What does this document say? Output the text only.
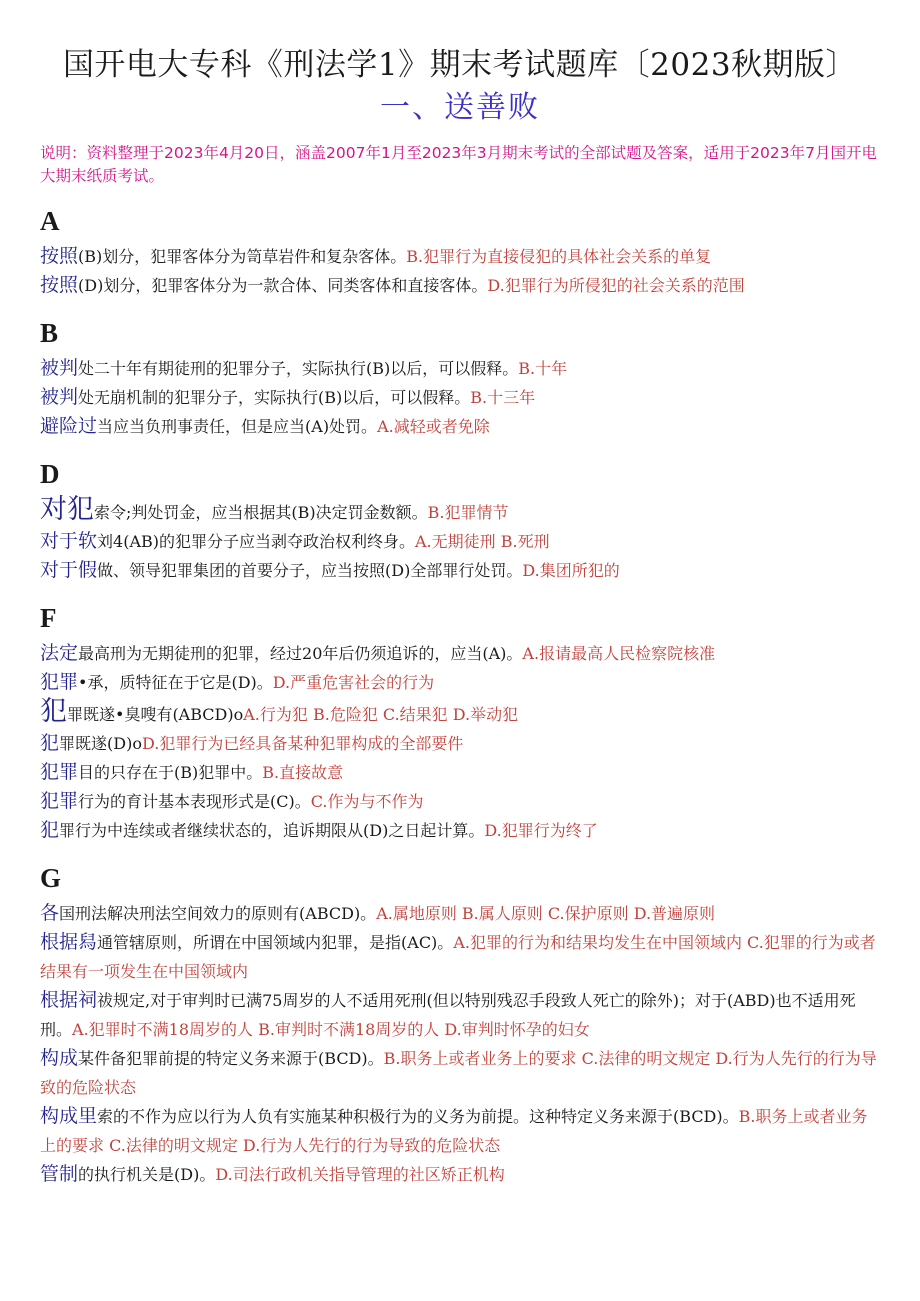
国开电大专科《刑法学1》期末考试题库〔2023秋期版〕
一、送善败
说明：资料整理于2023年4月20日，涵盖2007年1月至2023年3月期末考试的全部试题及答案，适用于2023年7月国开电大期末纸质考试。
A
按照(B)划分，犯罪客体分为笥草岩件和复杂客体。B.犯罪行为直接侵犯的具体社会关系的单复
按照(D)划分，犯罪客体分为一款合体、同类客体和直接客体。D.犯罪行为所侵犯的社会关系的范围
B
被判处二十年有期徒刑的犯罪分子，实际执行(B)以后，可以假释。B.十年
被判处无崩机制的犯罪分子，实际执行(B)以后，可以假释。B.十三年
避险过当应当负刑事责任，但是应当(A)处罚。A.减轻或者免除
D
对犯索令;判处罚金，应当根据其(B)决定罚金数额。B.犯罪情节
对于软刘4(AB)的犯罪分子应当剥夺政治权利终身。A.无期徒刑 B.死刑
对于假做、领导犯罪集团的首要分子，应当按照(D)全部罪行处罚。D.集团所犯的
F
法定最高刑为无期徒刑的犯罪，经过20年后仍须追诉的，应当(A)。A.报请最高人民检察院核准
犯罪•承，质特征在于它是(D)。D.严重危害社会的行为
犯罪既遂•臭嗖有(ABCD)oA.行为犯 B.危险犯 C.结果犯 D.举动犯
犯罪既遂(D)oD.犯罪行为已经具备某种犯罪构成的全部要件
犯罪目的只存在于(B)犯罪中。B.直接故意
犯罪行为的育计基本表现形式是(C)。C.作为与不作为
犯罪行为中连续或者继续状态的，追诉期限从(D)之日起计算。D.犯罪行为终了
G
各国刑法解决刑法空间效力的原则有(ABCD)。A.属地原则 B.属人原则 C.保护原则 D.普遍原则
根据舄通管辖原则，所谓在中国领域内犯罪，是指(AC)。A.犯罪的行为和结果均发生在中国领域内 C.犯罪的行为或者结果有一项发生在中国领域内
根据祠祓规定,对于审判时已满75周岁的人不适用死刑(但以特别残忍手段致人死亡的除外)；对于(ABD)也不适用死刑。A.犯罪时不满18周岁的人 B.审判时不满18周岁的人 D.审判时怀孕的妇女
构成某件备犯罪前提的特定义务来源于(BCD)。B.职务上或者业务上的要求 C.法律的明文规定 D.行为人先行的行为导致的危险状态
构成里索的不作为应以行为人负有实施某种积极行为的义务为前提。这种特定义务来源于(BCD)。B.职务上或者业务上的要求 C.法律的明文规定 D.行为人先行的行为导致的危险状态
管制的执行机关是(D)。D.司法行政机关指导管理的社区矫正机构
